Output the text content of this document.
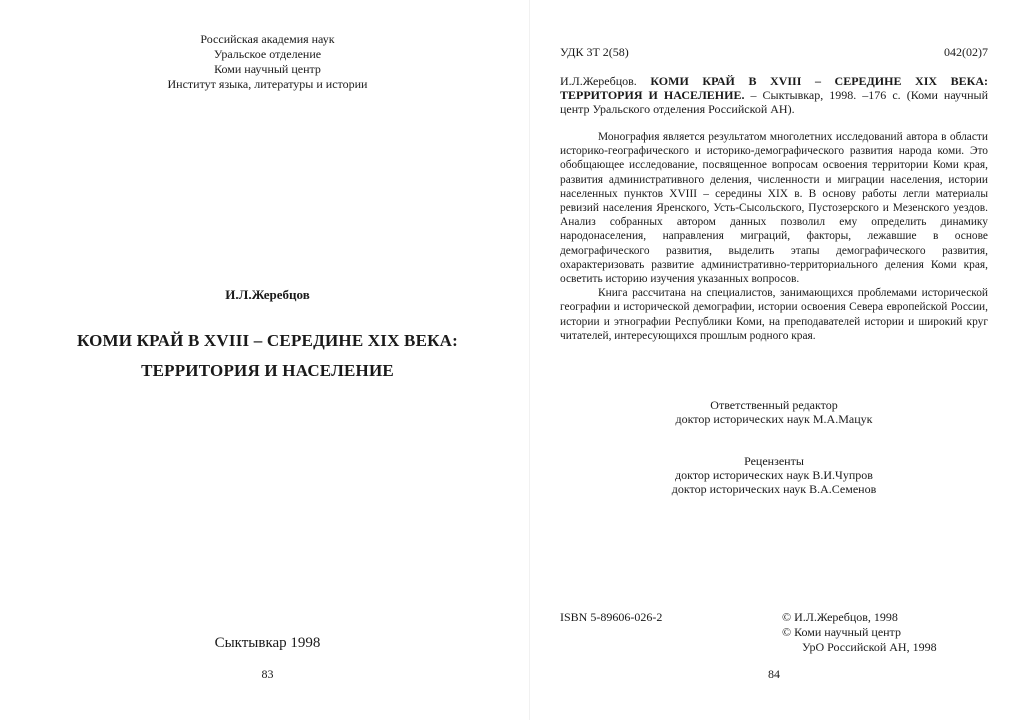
Российская академия наук
Уральское отделение
Коми научный центр
Институт языка, литературы и истории
И.Л.Жеребцов
КОМИ КРАЙ В XVIII – СЕРЕДИНЕ XIX ВЕКА:
ТЕРРИТОРИЯ И НАСЕЛЕНИЕ
Сыктывкар 1998
83
УДК 3Т 2(58)	042(02)7
И.Л.Жеребцов. КОМИ КРАЙ В XVIII – СЕРЕДИНЕ XIX ВЕКА: ТЕРРИТОРИЯ И НАСЕЛЕНИЕ. – Сыктывкар, 1998. –176 с. (Коми научный центр Уральского отделения Российской АН).

Монография является результатом многолетних исследований автора в области историко-географического и историко-демографического развития народа коми. Это обобщающее исследование, посвященное вопросам освоения территории Коми края, развития административного деления, численности и миграции населения, истории населенных пунктов XVIII – середины XIX в. В основу работы легли материалы ревизий населения Яренского, Усть-Сысольского, Пустозерского и Мезенского уездов. Анализ собранных автором данных позволил ему определить динамику народонаселения, направления миграций, факторы, лежавшие в основе демографического развития, выделить этапы демографического развития, охарактеризовать развитие административно-территориального деления Коми края, осветить историю изучения указанных вопросов.

Книга рассчитана на специалистов, занимающихся проблемами исторической географии и исторической демографии, истории освоения Севера европейской России, истории и этнографии Республики Коми, на преподавателей истории и широкий круг читателей, интересующихся прошлым родного края.

Ответственный редактор
доктор исторических наук М.А.Мацук
Рецензенты
доктор исторических наук В.И.Чупров
доктор исторических наук В.А.Семенов
ISBN 5-89606-026-2	© И.Л.Жеребцов, 1998
© Коми научный центр
УрО Российской АН, 1998
84
